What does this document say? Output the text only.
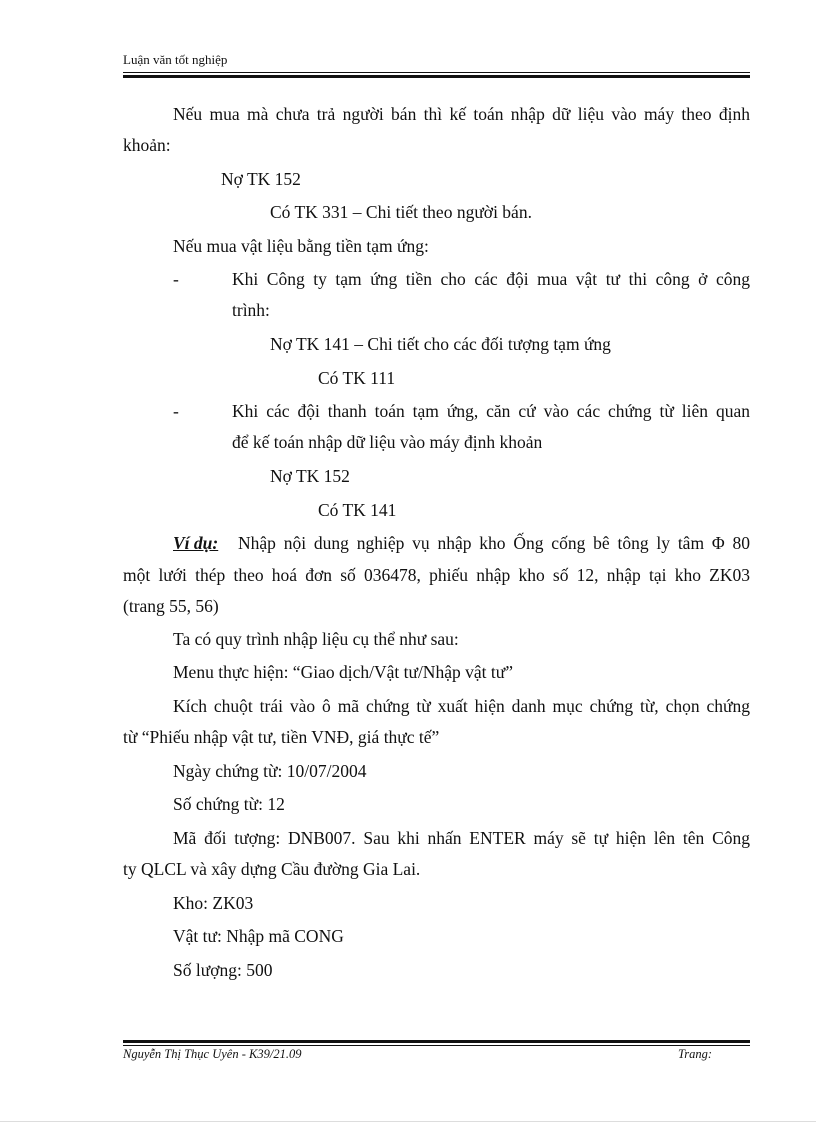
Luận văn tốt nghiệp
Nếu mua mà chưa trả người bán thì kế toán nhập dữ liệu vào máy theo định
khoản:
Nợ TK 152
Có TK 331 – Chi tiết theo người bán.
Nếu mua vật liệu bằng tiền tạm ứng:
-	Khi Công ty tạm ứng tiền cho các đội mua vật tư thi công ở công
trình:
Nợ TK 141 – Chi tiết cho các đối tượng tạm ứng
Có TK 111
-	Khi các đội thanh toán tạm ứng, căn cứ vào các chứng từ liên quan
để kế toán nhập dữ liệu vào máy định khoản
Nợ TK 152
Có TK 141
Ví dụ: Nhập nội dung nghiệp vụ nhập kho Ống cống bê tông ly tâm Φ 80
một lưới thép theo hoá đơn số 036478, phiếu nhập kho số 12, nhập tại kho ZK03
(trang 55, 56)
Ta có quy trình nhập liệu cụ thể như sau:
Menu thực hiện: “Giao dịch/Vật tư/Nhập vật tư”
Kích chuột trái vào ô mã chứng từ xuất hiện danh mục chứng từ, chọn chứng
từ “Phiếu nhập vật tư, tiền VNĐ, giá thực tế”
Ngày chứng từ: 10/07/2004
Số chứng từ: 12
Mã đối tượng: DNB007. Sau khi nhấn ENTER máy sẽ tự hiện lên tên Công
ty QLCL và xây dựng Cầu đường Gia Lai.
Kho: ZK03
Vật tư: Nhập mã CONG
Số lượng: 500
Nguyễn Thị Thục Uyên - K39/21.09	Trang:
